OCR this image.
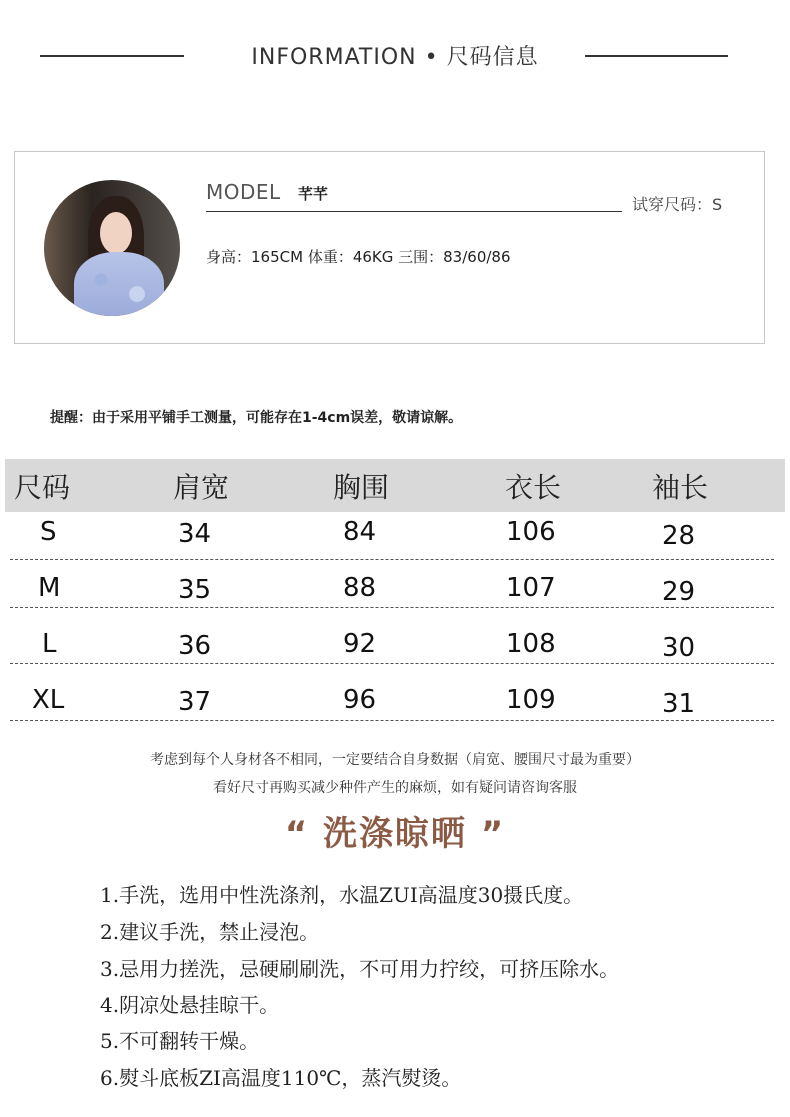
INFORMATION • 尺码信息
MODEL 芊芊
试穿尺码：S
身高：165CM 体重：46KG 三围：83/60/86
提醒：由于采用平铺手工测量，可能存在1-4cm误差，敬请谅解。
尺码	肩宽	胸围	衣长	袖长
S	34	84	106	28
M	35	88	107	29
L	36	92	108	30
XL	37	96	109	31
考虑到每个人身材各不相同，一定要结合自身数据（肩宽、腰围尺寸最为重要）
看好尺寸再购买减少种件产生的麻烦，如有疑问请咨询客服
“ 洗涤晾晒 ”
1.手洗，选用中性洗涤剂，水温ZUI高温度30摄氏度。
2.建议手洗，禁止浸泡。
3.忌用力搓洗，忌硬刷刷洗，不可用力拧绞，可挤压除水。
4.阴凉处悬挂晾干。
5.不可翻转干燥。
6.熨斗底板ZI高温度110℃，蒸汽熨烫。
